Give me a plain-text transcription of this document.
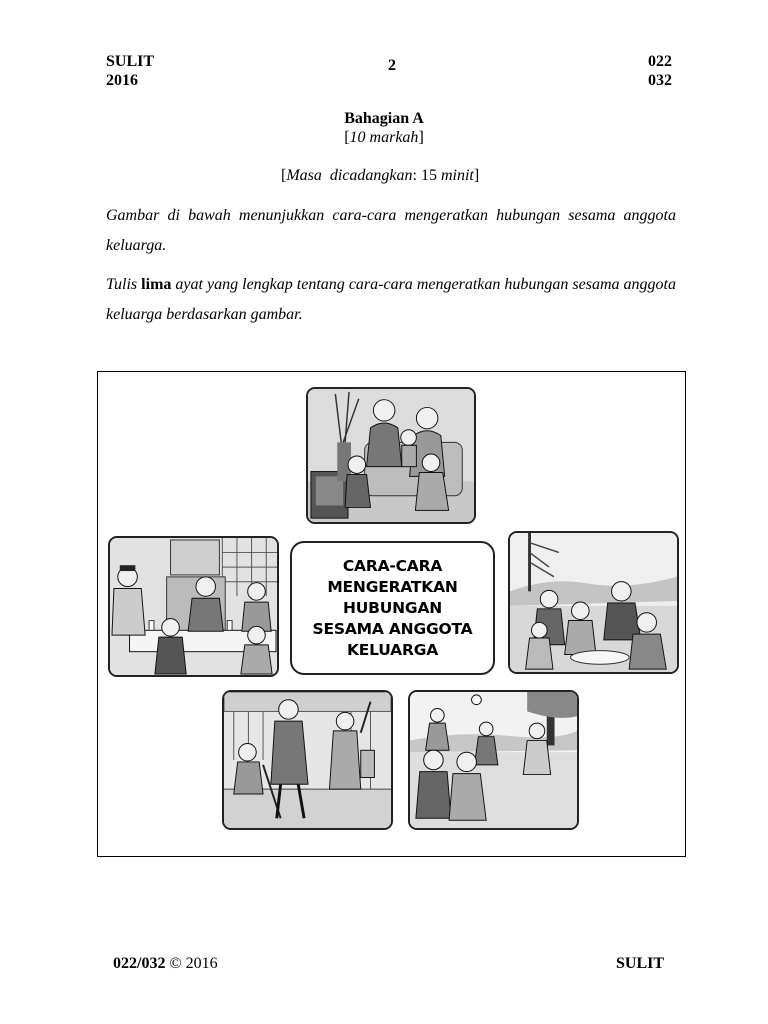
SULIT
2016
2	022
032
Bahagian A
[10 markah]
[Masa  dicadangkan: 15 minit]
Gambar di bawah menunjukkan cara-cara mengeratkan hubungan sesama anggota keluarga.
Tulis lima ayat yang lengkap tentang cara-cara mengeratkan hubungan sesama anggota keluarga berdasarkan gambar.
CARA-CARA
MENGERATKAN
HUBUNGAN
SESAMA ANGGOTA
KELUARGA
022/032 © 2016	SULIT
